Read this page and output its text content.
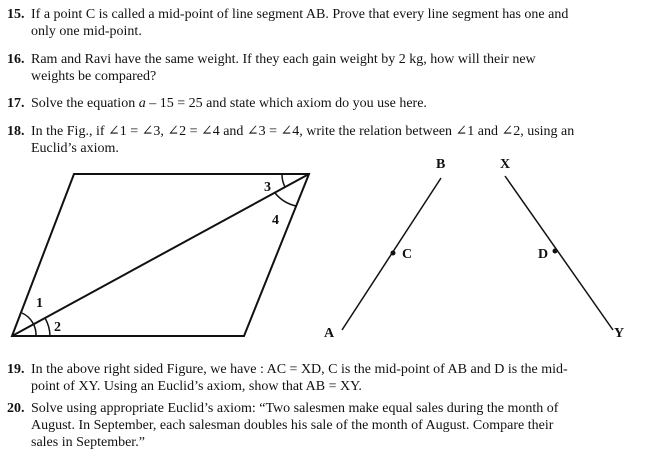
15. If a point C is called a mid-point of line segment AB. Prove that every line segment has one and
only one mid-point.
16. Ram and Ravi have the same weight. If they each gain weight by 2 kg, how will their new
weights be compared?
17. Solve the equation a – 15 = 25 and state which axiom do you use here.
18. In the Fig., if ∠1 = ∠3, ∠2 = ∠4 and ∠3 = ∠4, write the relation between ∠1 and ∠2, using an
Euclid’s axiom.
1
2
3
4
A
B
C
X
Y
D
19. In the above right sided Figure, we have : AC = XD, C is the mid-point of AB and D is the mid-
point of XY. Using an Euclid’s axiom, show that AB = XY.
20. Solve using appropriate Euclid’s axiom: “Two salesmen make equal sales during the month of
August. In September, each salesman doubles his sale of the month of August. Compare their
sales in September.”
